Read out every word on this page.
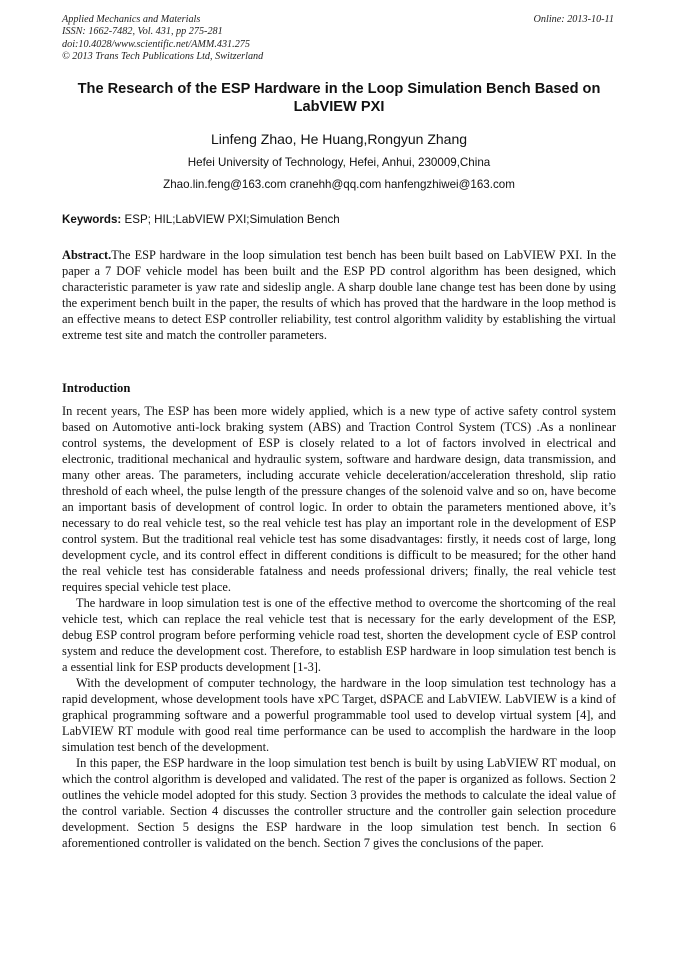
Applied Mechanics and Materials
ISSN: 1662-7482, Vol. 431, pp 275-281
doi:10.4028/www.scientific.net/AMM.431.275
© 2013 Trans Tech Publications Ltd, Switzerland
Online: 2013-10-11
The Research of the ESP Hardware in the Loop Simulation Bench Based on LabVIEW PXI
Linfeng Zhao, He Huang,Rongyun Zhang
Hefei University of Technology, Hefei, Anhui, 230009,China
Zhao.lin.feng@163.com cranehh@qq.com hanfengzhiwei@163.com
Keywords: ESP; HIL;LabVIEW PXI;Simulation Bench
Abstract.The ESP hardware in the loop simulation test bench has been built based on LabVIEW PXI. In the paper a 7 DOF vehicle model has been built and the ESP PD control algorithm has been designed, which characteristic parameter is yaw rate and sideslip angle. A sharp double lane change test has been done by using the experiment bench built in the paper, the results of which has proved that the hardware in the loop method is an effective means to detect ESP controller reliability, test control algorithm validity by establishing the virtual extreme test site and match the controller parameters.
Introduction

In recent years, The ESP has been more widely applied, which is a new type of active safety control system based on Automotive anti-lock braking system (ABS) and Traction Control System (TCS) .As a nonlinear control systems, the development of ESP is closely related to a lot of factors involved in electrical and electronic, traditional mechanical and hydraulic system, software and hardware design, data transmission, and many other areas. The parameters, including accurate vehicle deceleration/acceleration threshold, slip ratio threshold of each wheel, the pulse length of the pressure changes of the solenoid valve and so on, have become an important basis of development of control logic. In order to obtain the parameters mentioned above, it’s necessary to do real vehicle test, so the real vehicle test has play an important role in the development of ESP control system. But the traditional real vehicle test has some disadvantages: firstly, it needs cost of large, long development cycle, and its control effect in different conditions is difficult to be measured; for the other hand the real vehicle test has considerable fatalness and needs professional drivers; finally, the real vehicle test requires special vehicle test place.

The hardware in loop simulation test is one of the effective method to overcome the shortcoming of the real vehicle test, which can replace the real vehicle test that is necessary for the early development of the ESP, debug ESP control program before performing vehicle road test, shorten the development cycle of ESP control system and reduce the development cost. Therefore, to establish ESP hardware in loop simulation test bench is a essential link for ESP products development [1-3].

With the development of computer technology, the hardware in the loop simulation test technology has a rapid development, whose development tools have xPC Target, dSPACE and LabVIEW. LabVIEW is a kind of graphical programming software and a powerful programmable tool used to develop virtual system [4], and LabVIEW RT module with good real time performance can be used to accomplish the hardware in the loop simulation test bench of the development.

In this paper, the ESP hardware in the loop simulation test bench is built by using LabVIEW RT modual, on which the control algorithm is developed and validated. The rest of the paper is organized as follows. Section 2 outlines the vehicle model adopted for this study. Section 3 provides the methods to calculate the ideal value of the control variable. Section 4 discusses the controller structure and the controller gain selection procedure development. Section 5 designs the ESP hardware in the loop simulation test bench. In section 6 aforementioned controller is validated on the bench. Section 7 gives the conclusions of the paper.
